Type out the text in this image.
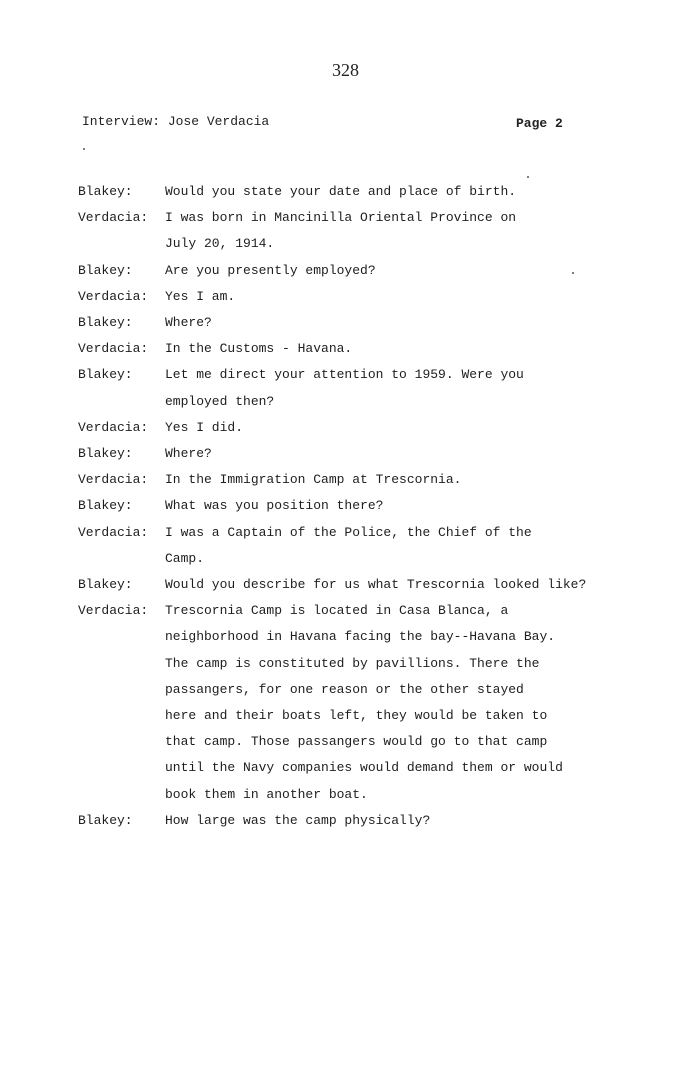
328
Interview: Jose Verdacia	Page 2
Blakey:	Would you state your date and place of birth.
Verdacia:	I was born in Mancinilla Oriental Province on
July 20, 1914.
Blakey:	Are you presently employed?
Verdacia:	Yes I am.
Blakey:	Where?
Verdacia:	In the Customs - Havana.
Blakey:	Let me direct your attention to 1959. Were you
employed then?
Verdacia:	Yes I did.
Blakey:	Where?
Verdacia:	In the Immigration Camp at Trescornia.
Blakey:	What was you position there?
Verdacia:	I was a Captain of the Police, the Chief of the
Camp.
Blakey:	Would you describe for us what Trescornia looked like?
Verdacia:	Trescornia Camp is located in Casa Blanca, a
neighborhood in Havana facing the bay--Havana Bay.
The camp is constituted by pavillions. There the
passangers, for one reason or the other stayed
here and their boats left, they would be taken to
that camp. Those passangers would go to that camp
until the Navy companies would demand them or would
book them in another boat.
Blakey:	How large was the camp physically?
